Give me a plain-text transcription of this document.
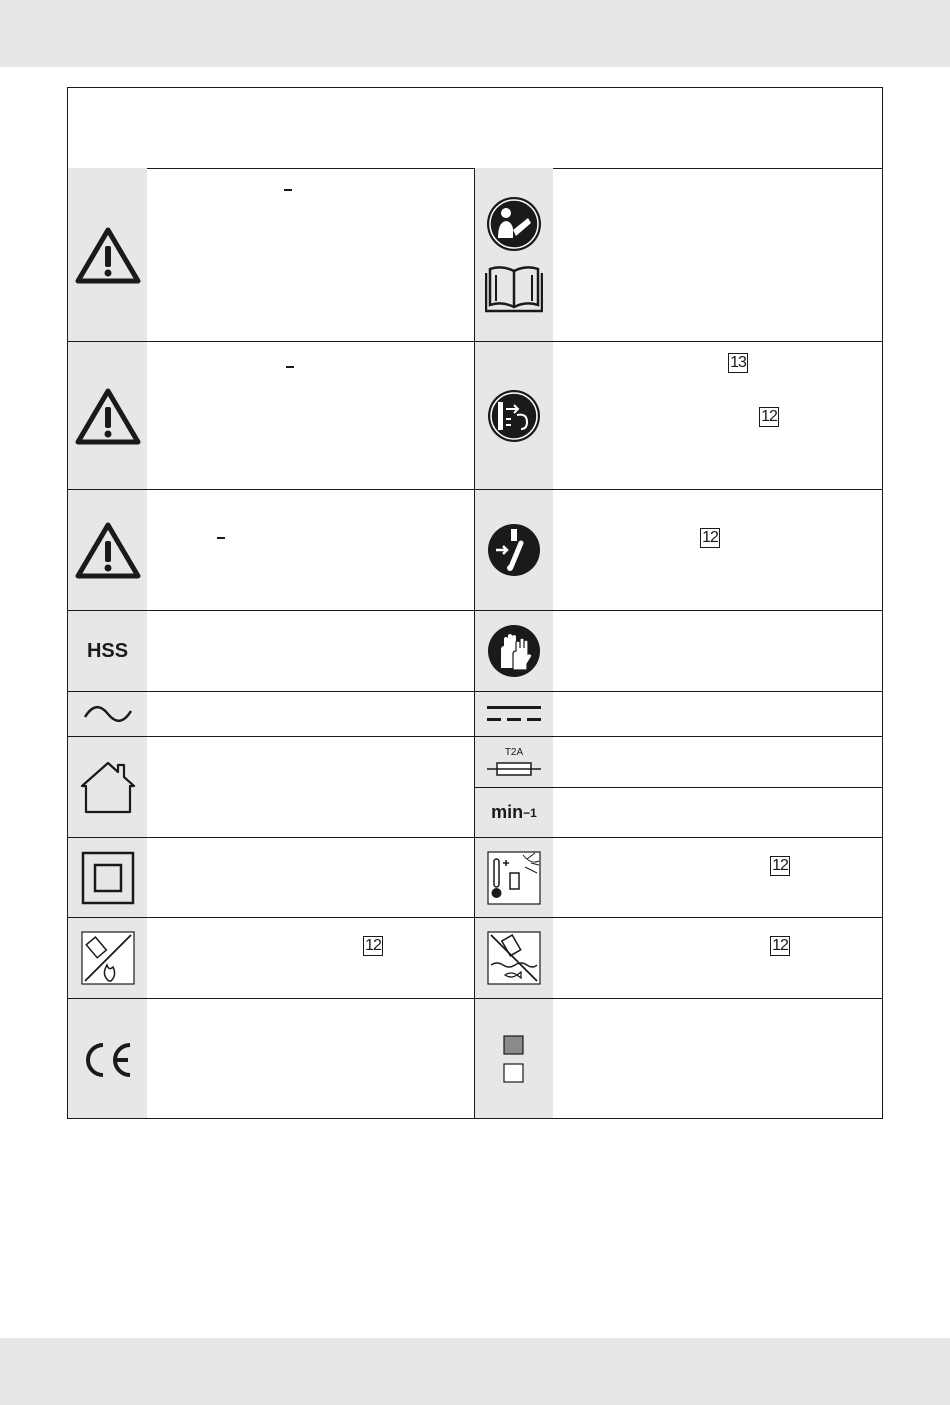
13
12
12
HSS
T2A
min −1
12
12	12
